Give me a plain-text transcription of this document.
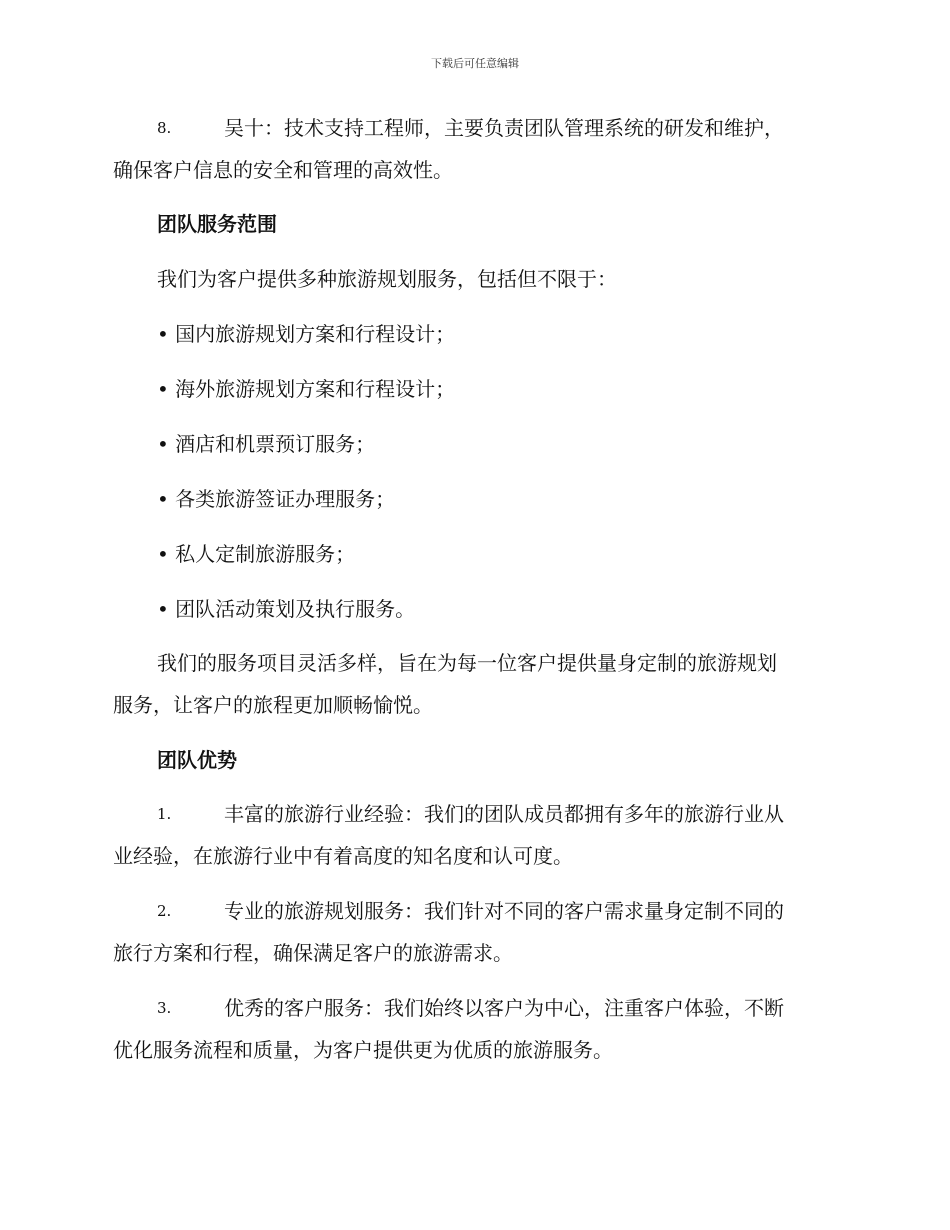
下载后可任意编辑

8.	吴十：技术支持工程师，主要负责团队管理系统的研发和维护，

确保客户信息的安全和管理的高效性。

团队服务范围

我们为客户提供多种旅游规划服务，包括但不限于：

• 国内旅游规划方案和行程设计；

• 海外旅游规划方案和行程设计；

• 酒店和机票预订服务；

• 各类旅游签证办理服务；

• 私人定制旅游服务；

• 团队活动策划及执行服务。

我们的服务项目灵活多样，旨在为每一位客户提供量身定制的旅游规划

服务，让客户的旅程更加顺畅愉悦。

团队优势
1.	丰富的旅游行业经验：我们的团队成员都拥有多年的旅游行业从

业经验，在旅游行业中有着高度的知名度和认可度。

2.	专业的旅游规划服务：我们针对不同的客户需求量身定制不同的

旅行方案和行程，确保满足客户的旅游需求。

3.	优秀的客户服务：我们始终以客户为中心，注重客户体验，不断

优化服务流程和质量，为客户提供更为优质的旅游服务。
